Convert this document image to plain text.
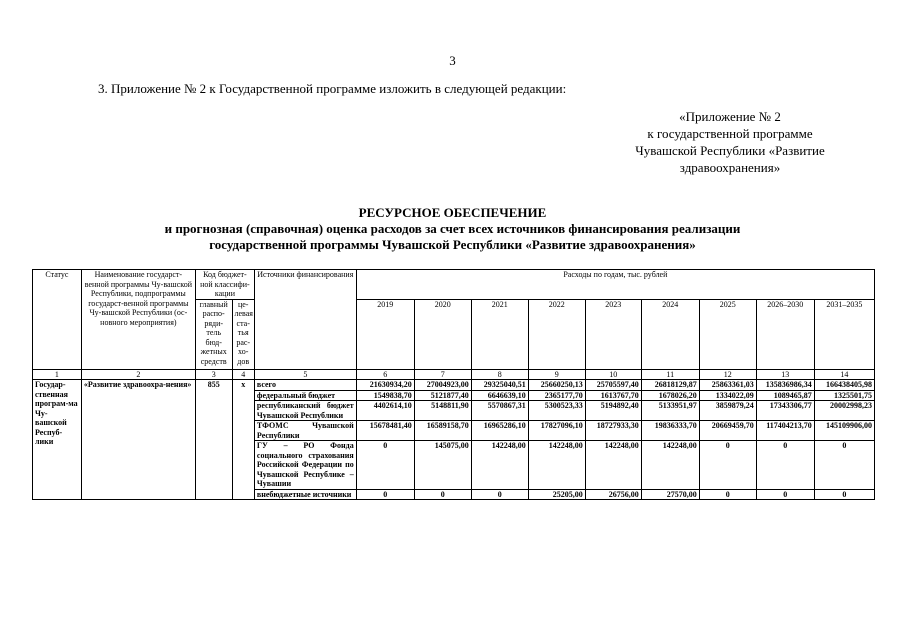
3
3. Приложение № 2 к Государственной программе изложить в следующей редакции:
«Приложение № 2
к государственной программе
Чувашской Республики «Развитие
здравоохранения»
РЕСУРСНОЕ ОБЕСПЕЧЕНИЕ
и прогнозная (справочная) оценка расходов за счет всех источников финансирования реализации
государственной программы Чувашской Республики «Развитие здравоохранения»
Статус	Наименование государст-венной программы Чу-вашской Республики, подпрограммы государст-венной программы Чу-вашской Республики (ос-новного мероприятия)	Код бюджет-ной классифи-кации		Источники финансирования	Расходы по годам, тыс. рублей								
		главный распо-ряди-тель бюд-жетных средств	це-левая ста-тья рас-хо-дов		2019	2020	2021	2022	2023	2024	2025	2026–2030	2031–2035

1	2	3	4	5	6	7	8	9	10	11	12	13	14
Государ-ственная програм-ма Чу-вашской Респуб-лики	«Развитие здравоохра-нения»	855	x	всего	21630934,20	27004923,00	29325040,51	25660250,13	25705597,40	26818129,87	25863361,03	135836986,34	166438405,98
				федеральный бюджет	1549838,70	5121877,40	6646639,10	2365177,70	1613767,70	1678026,20	1334022,09	1089465,87	1325501,75
				республиканский бюджет Чувашской Республики	4402614,10	5148811,90	5570867,31	5300523,33	5194892,40	5133951,97	3859879,24	17343306,77	20002998,23
				ТФОМС Чувашской Республики	15678481,40	16589158,70	16965286,10	17827096,10	18727933,30	19836333,70	20669459,70	117404213,70	145109906,00
				ГУ – РО Фонда социального страхования Российской Федерации по Чувашской Республике – Чувашии	0	145075,00	142248,00	142248,00	142248,00	142248,00	0	0	0
				внебюджетные источники	0	0	0	25205,00	26756,00	27570,00	0	0	0
